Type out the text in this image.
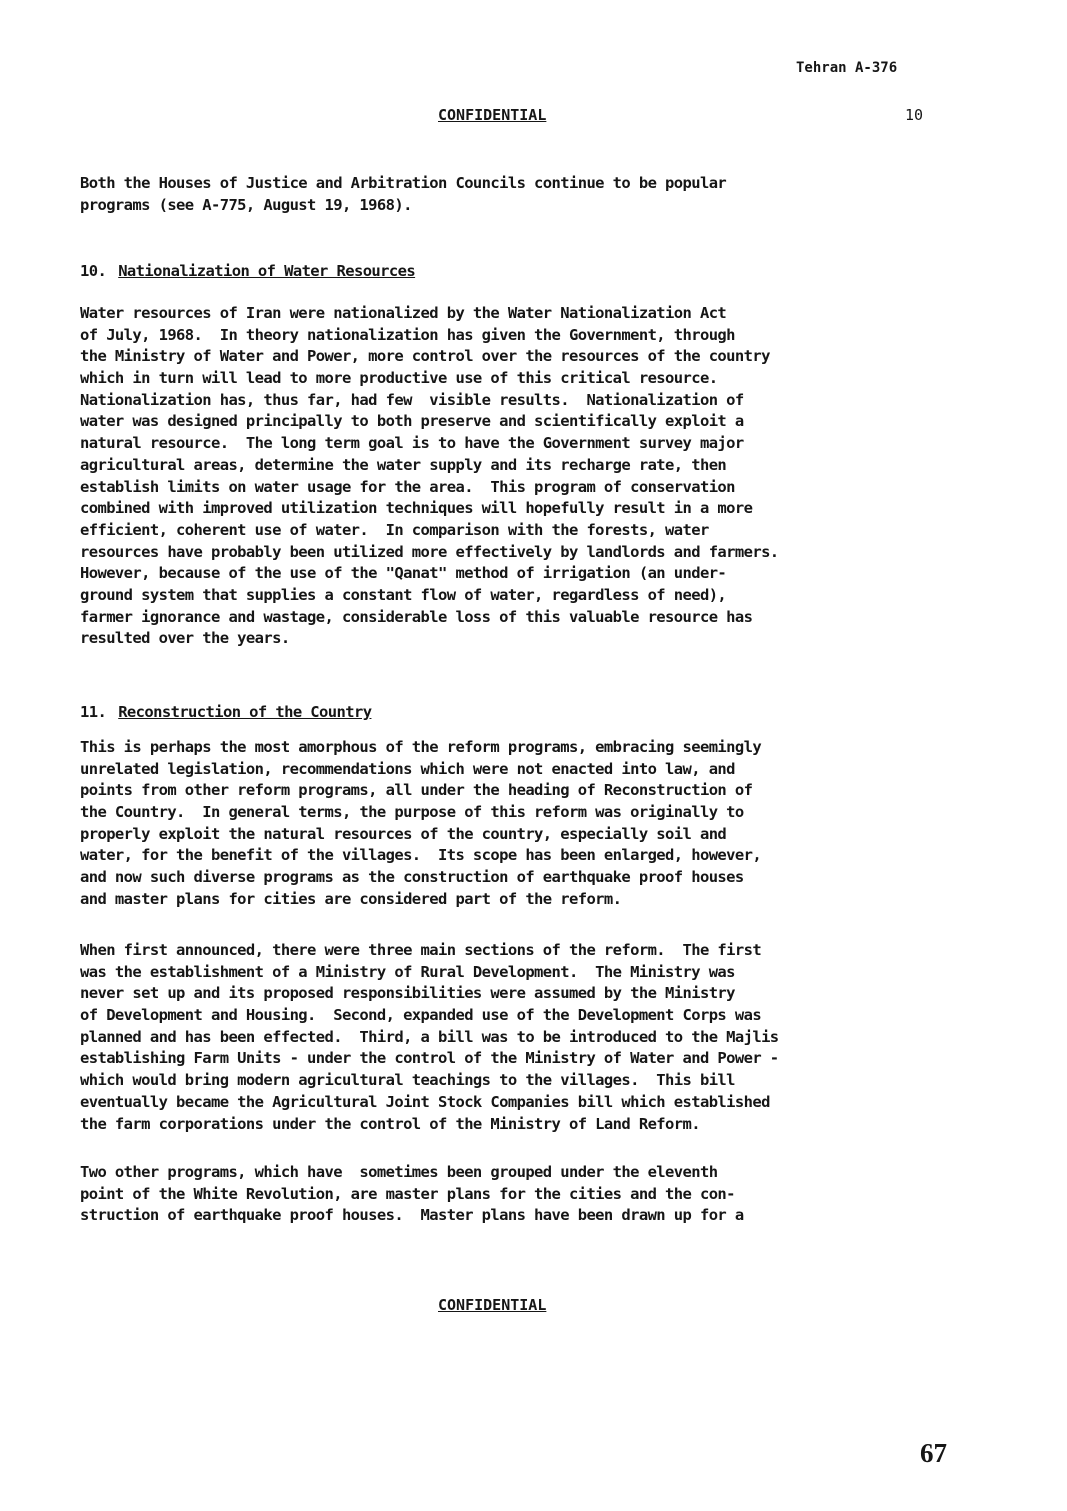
Tehran A-376
CONFIDENTIAL	10
Both the Houses of Justice and Arbitration Councils continue to be popular
programs (see A-775, August 19, 1968).
10. Nationalization of Water Resources
Water resources of Iran were nationalized by the Water Nationalization Act
of July, 1968.  In theory nationalization has given the Government, through
the Ministry of Water and Power, more control over the resources of the country
which in turn will lead to more productive use of this critical resource.
Nationalization has, thus far, had few  visible results.  Nationalization of
water was designed principally to both preserve and scientifically exploit a
natural resource.  The long term goal is to have the Government survey major
agricultural areas, determine the water supply and its recharge rate, then
establish limits on water usage for the area.  This program of conservation
combined with improved utilization techniques will hopefully result in a more
efficient, coherent use of water.  In comparison with the forests, water
resources have probably been utilized more effectively by landlords and farmers.
However, because of the use of the "Qanat" method of irrigation (an under-
ground system that supplies a constant flow of water, regardless of need),
farmer ignorance and wastage, considerable loss of this valuable resource has
resulted over the years.
11. Reconstruction of the Country
This is perhaps the most amorphous of the reform programs, embracing seemingly
unrelated legislation, recommendations which were not enacted into law, and
points from other reform programs, all under the heading of Reconstruction of
the Country.  In general terms, the purpose of this reform was originally to
properly exploit the natural resources of the country, especially soil and
water, for the benefit of the villages.  Its scope has been enlarged, however,
and now such diverse programs as the construction of earthquake proof houses
and master plans for cities are considered part of the reform.
When first announced, there were three main sections of the reform.  The first
was the establishment of a Ministry of Rural Development.  The Ministry was
never set up and its proposed responsibilities were assumed by the Ministry
of Development and Housing.  Second, expanded use of the Development Corps was
planned and has been effected.  Third, a bill was to be introduced to the Majlis
establishing Farm Units - under the control of the Ministry of Water and Power -
which would bring modern agricultural teachings to the villages.  This bill
eventually became the Agricultural Joint Stock Companies bill which established
the farm corporations under the control of the Ministry of Land Reform.
Two other programs, which have  sometimes been grouped under the eleventh
point of the White Revolution, are master plans for the cities and the con-
struction of earthquake proof houses.  Master plans have been drawn up for a
CONFIDENTIAL
67
